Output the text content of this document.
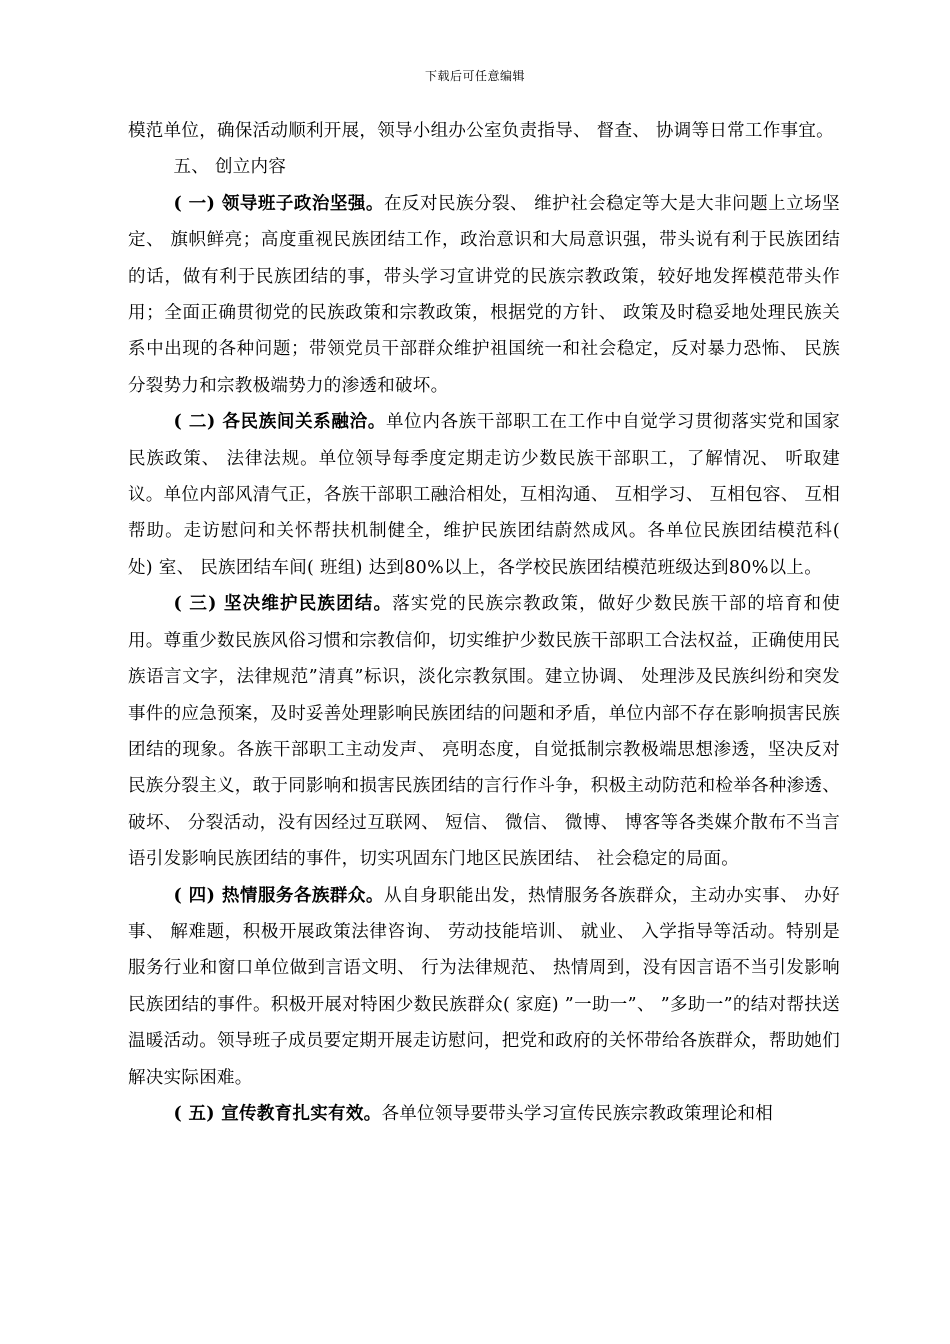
下载后可任意编辑

模范单位，确保活动顺利开展，领导小组办公室负责指导、 督查、 协调等日常工作事宜。

五、 创立内容

( 一) 领导班子政治坚强。在反对民族分裂、 维护社会稳定等大是大非问题上立场坚定、 旗帜鲜亮；高度重视民族团结工作，政治意识和大局意识强，带头说有利于民族团结的话，做有利于民族团结的事，带头学习宣讲党的民族宗教政策，较好地发挥模范带头作用；全面正确贯彻党的民族政策和宗教政策，根据党的方针、 政策及时稳妥地处理民族关系中出现的各种问题；带领党员干部群众维护祖国统一和社会稳定，反对暴力恐怖、 民族分裂势力和宗教极端势力的渗透和破坏。

( 二) 各民族间关系融洽。单位内各族干部职工在工作中自觉学习贯彻落实党和国家民族政策、 法律法规。单位领导每季度定期走访少数民族干部职工，了解情况、 听取建议。单位内部风清气正，各族干部职工融洽相处，互相沟通、 互相学习、 互相包容、 互相帮助。走访慰问和关怀帮扶机制健全，维护民族团结蔚然成风。各单位民族团结模范科( 处) 室、 民族团结车间( 班组) 达到80%以上，各学校民族团结模范班级达到80%以上。

( 三) 坚决维护民族团结。落实党的民族宗教政策，做好少数民族干部的培育和使用。尊重少数民族风俗习惯和宗教信仰，切实维护少数民族干部职工合法权益，正确使用民族语言文字，法律规范”清真”标识，淡化宗教氛围。建立协调、 处理涉及民族纠纷和突发事件的应急预案，及时妥善处理影响民族团结的问题和矛盾，单位内部不存在影响损害民族团结的现象。各族干部职工主动发声、 亮明态度，自觉抵制宗教极端思想渗透，坚决反对民族分裂主义，敢于同影响和损害民族团结的言行作斗争，积极主动防范和检举各种渗透、 破坏、 分裂活动，没有因经过互联网、 短信、 微信、 微博、 博客等各类媒介散布不当言语引发影响民族团结的事件，切实巩固东门地区民族团结、 社会稳定的局面。

( 四) 热情服务各族群众。从自身职能出发，热情服务各族群众，主动办实事、 办好事、 解难题，积极开展政策法律咨询、 劳动技能培训、 就业、 入学指导等活动。特别是服务行业和窗口单位做到言语文明、 行为法律规范、 热情周到，没有因言语不当引发影响民族团结的事件。积极开展对特困少数民族群众( 家庭) ”一助一”、 ”多助一”的结对帮扶送温暖活动。领导班子成员要定期开展走访慰问，把党和政府的关怀带给各族群众，帮助她们解决实际困难。

( 五) 宣传教育扎实有效。各单位领导要带头学习宣传民族宗教政策理论和相
